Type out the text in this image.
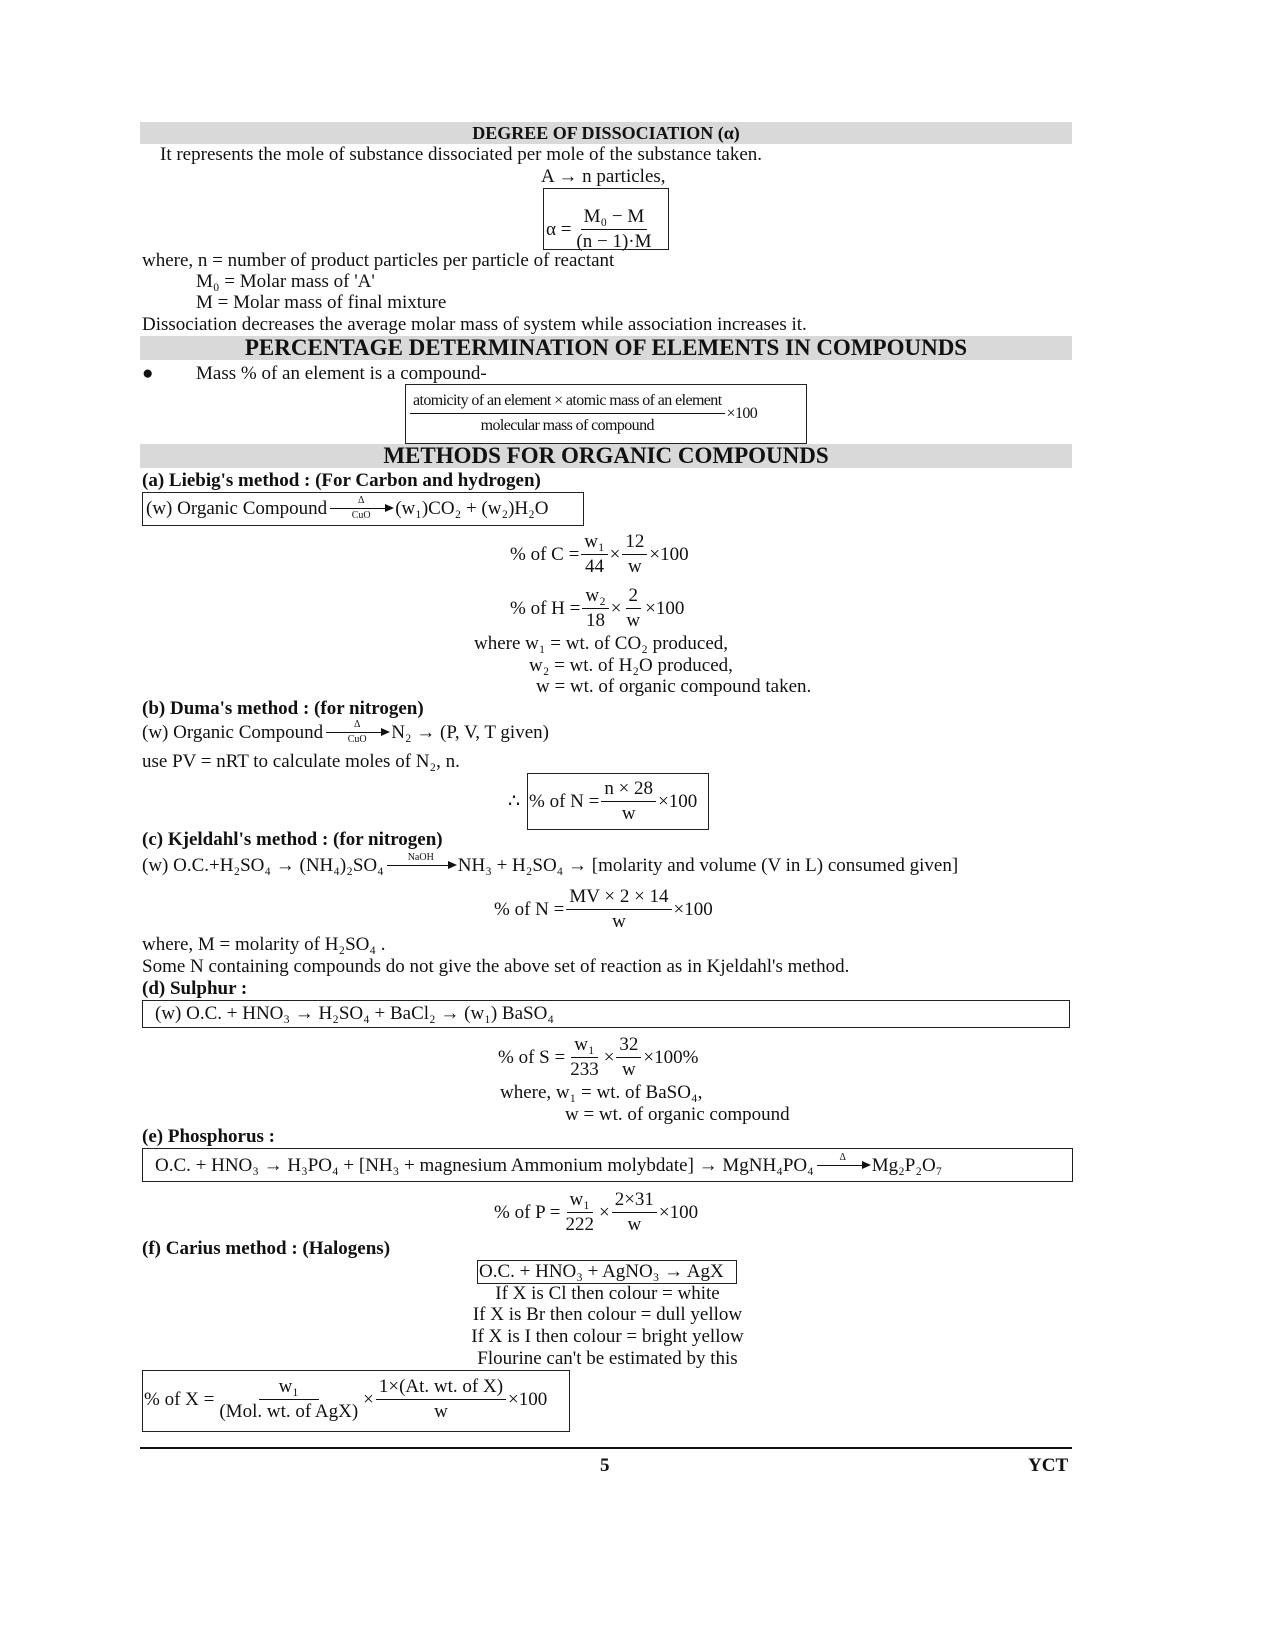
DEGREE OF DISSOCIATION (α)
It represents the mole of substance dissociated per mole of the substance taken.
A → n particles,
$\alpha = \frac{\text{M₀ − M}}{(n - 1)\cdot M}$
where, n = number of product particles per particle of reactant
M₀ = Molar mass of 'A'
M = Molar mass of final mixture
Dissociation decreases the average molar mass of system while association increases it.
PERCENTAGE DETERMINATION OF ELEMENTS IN COMPOUNDS
● Mass % of an element is a compound-
$\frac{\text{atomicity of an element × atomic mass of an element}}{\text{molecular mass of compound}} \times 100$
METHODS FOR ORGANIC COMPOUNDS
(a) Liebig's method : (For Carbon and hydrogen)
(w) Organic Compound	Δ
CuO (w₁)CO₂ + (w₂)H₂O
% of $C = \frac{\text{w₁}}{44} \times \frac{12}{w} \times 100$
% of $H = \frac{\text{w₂}}{18} \times \frac{2}{w} \times 100$
where w₁ = wt. of CO₂ produced,
w₂ = wt. of H₂O produced,
w = wt. of organic compound taken.
(b) Duma's method : (for nitrogen)
(w) Organic Compound	Δ
CuO N₂ → (P, V, T given)
use PV = nRT to calculate moles of N₂, n.
∴ % of $N = \frac{n \times 28}{w} \times 100$
(c) Kjeldahl's method : (for nitrogen)
(w) O.C.+H₂SO₄ → (NH₄)₂SO₄ NaOH
NH₃ + H₂SO₄ → [molarity and volume (V in L) consumed given]
% of $N = \frac{MV \times 2 \times 14}{w} \times 100$
where, M = molarity of H₂SO₄ .
Some N containing compounds do not give the above set of reaction as in Kjeldahl's method.
(d) Sulphur :
(w) O.C. + HNO₃ → H₂SO₄ + BaCl₂ → (w₁) BaSO₄
% of $S = \frac{\text{w₁}}{233} \times \frac{32}{w} \times 100\%$
where, w₁ = wt. of BaSO₄,
w = wt. of organic compound
(e) Phosphorus :
O.C. + HNO₃ → H₃PO₄ + [NH₃ + magnesium Ammonium molybdate] → MgNH₄PO₄	Δ
Mg₂P₂O₇
% of $P = \frac{\text{w₁}}{222} \times \frac{2\times 31}{w} \times 100$
(f) Carius method : (Halogens)
O.C. + HNO₃ + AgNO₃ → AgX
If X is Cl then colour = white
If X is Br then colour = dull yellow
If X is I then colour = bright yellow
Flourine can't be estimated by this
% of $X = \frac{\text{w₁}}{\text{(Mol. wt. of AgX)}} \times \frac{\text{1×(At. wt. of X)}}{w} \times 100$
5	YCT
